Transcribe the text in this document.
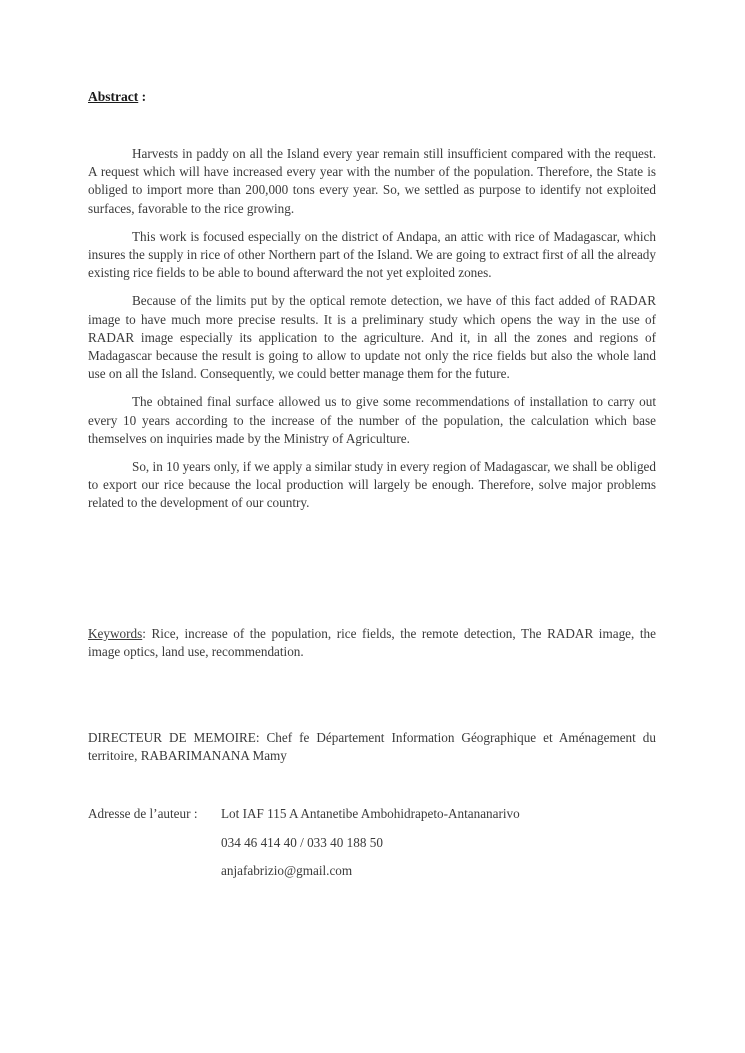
Abstract :

Harvests in paddy on all the Island every year remain still insufficient compared with the request. A request which will have increased every year with the number of the population. Therefore, the State is obliged to import more than 200,000 tons every year. So, we settled as purpose to identify not exploited surfaces, favorable to the rice growing.

This work is focused especially on the district of Andapa, an attic with rice of Madagascar, which insures the supply in rice of other Northern part of the Island. We are going to extract first of all the already existing rice fields to be able to bound afterward the not yet exploited zones.

Because of the limits put by the optical remote detection, we have of this fact added of RADAR image to have much more precise results. It is a preliminary study which opens the way in the use of RADAR image especially its application to the agriculture. And it, in all the zones and regions of Madagascar because the result is going to allow to update not only the rice fields but also the whole land use on all the Island. Consequently, we could better manage them for the future.

The obtained final surface allowed us to give some recommendations of installation to carry out every 10 years according to the increase of the number of the population, the calculation which base themselves on inquiries made by the Ministry of Agriculture.

So, in 10 years only, if we apply a similar study in every region of Madagascar, we shall be obliged to export our rice because the local production will largely be enough. Therefore, solve major problems related to the development of our country.

Keywords: Rice, increase of the population, rice fields, the remote detection, The RADAR image, the image optics, land use, recommendation.

DIRECTEUR DE MEMOIRE: Chef fe Département Information Géographique et Aménagement du territoire, RABARIMANANA Mamy

Adresse de l’auteur :	Lot IAF 115 A Antanetibe Ambohidrapeto-Antananarivo
034 46 414 40 / 033 40 188 50
anjafabrizio@gmail.com
